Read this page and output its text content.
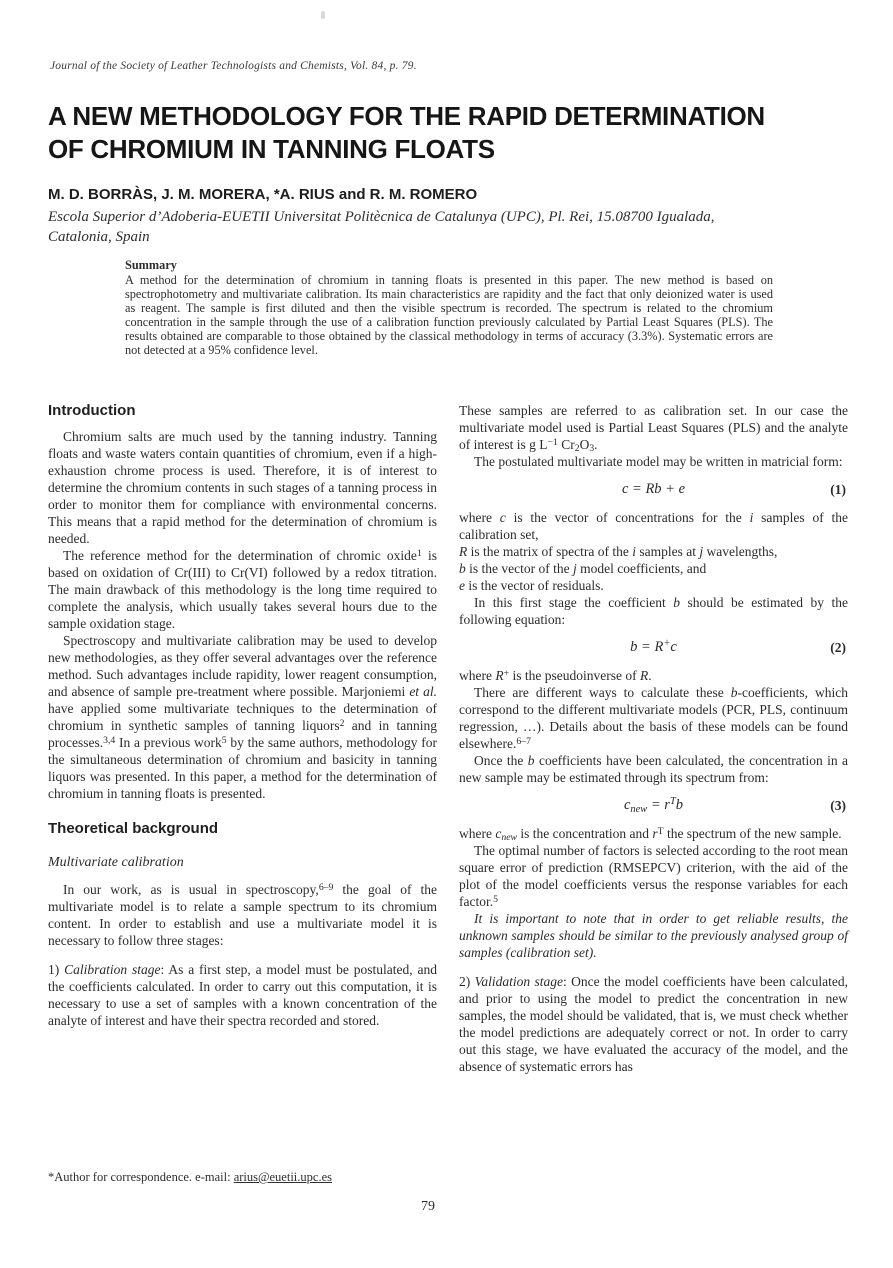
Journal of the Society of Leather Technologists and Chemists, Vol. 84, p. 79.
A NEW METHODOLOGY FOR THE RAPID DETERMINATION
OF CHROMIUM IN TANNING FLOATS
M. D. BORRÀS, J. M. MORERA, *A. RIUS and R. M. ROMERO
Escola Superior d’Adoberia-EUETII Universitat Politècnica de Catalunya (UPC), Pl. Rei, 15.08700 Igualada,
Catalonia, Spain
Summary
A method for the determination of chromium in tanning floats is presented in this paper. The new method is based on spectrophotometry and multivariate calibration. Its main characteristics are rapidity and the fact that only deionized water is used as reagent. The sample is first diluted and then the visible spectrum is recorded. The spectrum is related to the chromium concentration in the sample through the use of a calibration function previously calculated by Partial Least Squares (PLS). The results obtained are comparable to those obtained by the classical methodology in terms of accuracy (3.3%). Systematic errors are not detected at a 95% confidence level.
Introduction

Chromium salts are much used by the tanning industry. Tanning floats and waste waters contain quantities of chromium, even if a high-exhaustion chrome process is used. Therefore, it is of interest to determine the chromium contents in such stages of a tanning process in order to monitor them for compliance with environmental concerns. This means that a rapid method for the determination of chromium is needed.

The reference method for the determination of chromic oxide$^1$ is based on oxidation of Cr(III) to Cr(VI) followed by a redox titration. The main drawback of this methodology is the long time required to complete the analysis, which usually takes several hours due to the sample oxidation stage.

Spectroscopy and multivariate calibration may be used to develop new methodologies, as they offer several advantages over the reference method. Such advantages include rapidity, lower reagent consumption, and absence of sample pre-treatment where possible. Marjoniemi et al. have applied some multivariate techniques to the determination of chromium in synthetic samples of tanning liquors$^2$ and in tanning processes.$^{3,4}$ In a previous work$^5$ by the same authors, methodology for the simultaneous determination of chromium and basicity in tanning liquors was presented. In this paper, a method for the determination of chromium in tanning floats is presented.

Theoretical background
Multivariate calibration

In our work, as is usual in spectroscopy,$^{6-9}$ the goal of the multivariate model is to relate a sample spectrum to its chromium content. In order to establish and use a multivariate model it is necessary to follow three stages:

1) Calibration stage: As a first step, a model must be postulated, and the coefficients calculated. In order to carry out this computation, it is necessary to use a set of samples with a known concentration of the analyte of interest and have their spectra recorded and stored.

These samples are referred to as calibration set. In our case the multivariate model used is Partial Least Squares (PLS) and the analyte of interest is g $L^{-1}$ Cr2O3.

The postulated multivariate model may be written in matricial form:

c = Rb + e	(1)

where c is the vector of concentrations for the i samples of the calibration set,

R is the matrix of spectra of the i samples at j wavelengths,

b is the vector of the j model coefficients, and

e is the vector of residuals.

In this first stage the coefficient b should be estimated by the following equation:

b = R+c	(2)

where R+ is the pseudoinverse of R.

There are different ways to calculate these b-coefficients, which correspond to the different multivariate models (PCR, PLS, continuum regression, …). Details about the basis of these models can be found elsewhere.$^{6-7}$

Once the b coefficients have been calculated, the concentration in a new sample may be estimated through its spectrum from:

cnew = $r^Tb$	(3)

where cnew is the concentration and $r^T$ the spectrum of the new sample.

The optimal number of factors is selected according to the root mean square error of prediction (RMSEPCV) criterion, with the aid of the plot of the model coefficients versus the response variables for each factor.$^5$

It is important to note that in order to get reliable results, the unknown samples should be similar to the previously analysed group of samples (calibration set).

2) Validation stage: Once the model coefficients have been calculated, and prior to using the model to predict the concentration in new samples, the model should be validated, that is, we must check whether the model predictions are adequately correct or not. In order to carry out this stage, we have evaluated the accuracy of the model, and the absence of systematic errors has

*Author for correspondence. e-mail: arius@euetii.upc.es
79
